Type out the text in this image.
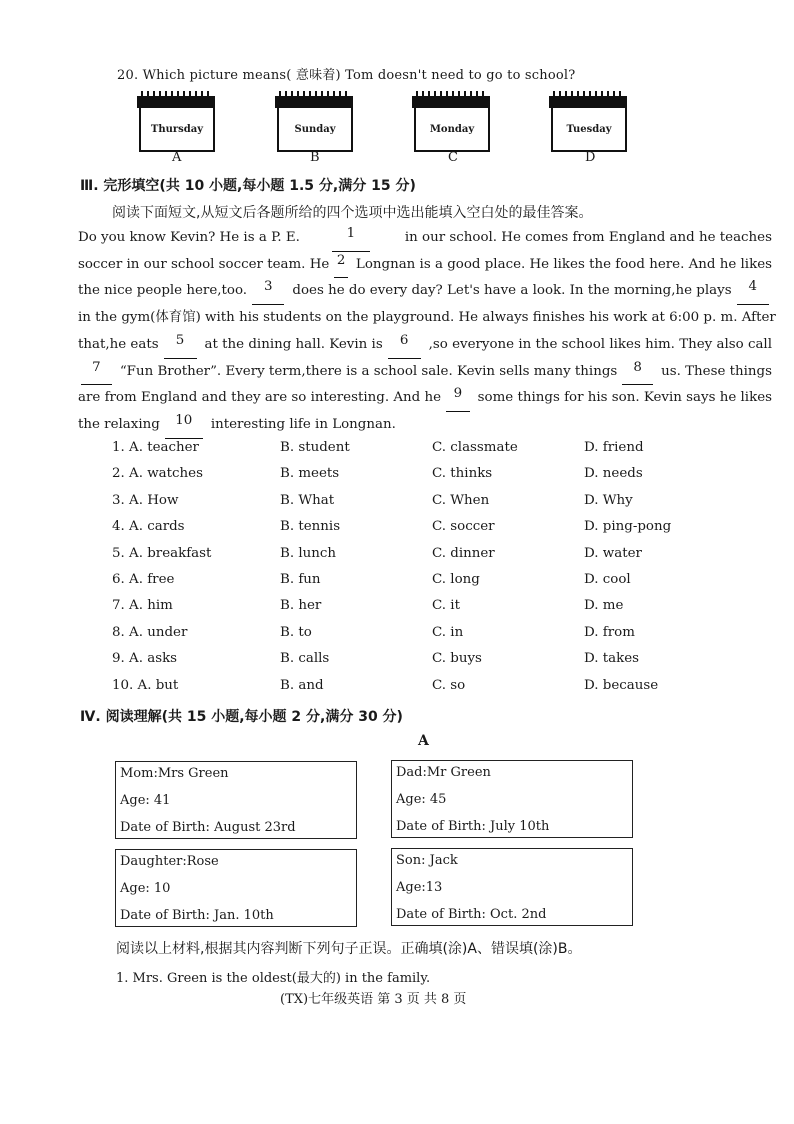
20. Which picture means( 意味着) Tom doesn't need to go to school?
Thursday
A
Sunday
B
Monday
C
Tuesday
D
Ⅲ. 完形填空(共 10 小题,每小题 1.5 分,满分 15 分)
阅读下面短文,从短文后各题所给的四个选项中选出能填入空白处的最佳答案。
Do you know Kevin? He is a P. E.	1	in our school. He comes from England and he teaches
soccer in our school soccer team. He 2 Longnan is a good place. He likes the food here. And he likes
the nice people here,too.	3	does he do every day? Let's have a look. In the morning,he plays	4
in the gym(体育馆) with his students on the playground. He always finishes his work at 6:00 p. m. After
that,he eats	5	at the dining hall. Kevin is	6	,so everyone in the school likes him. They also call
7	“Fun Brother”. Every term,there is a school sale. Kevin sells many things	8	us. These things
are from England and they are so interesting. And he 9	some things for his son. Kevin says he likes
the relaxing	10	interesting life in Longnan.
1. A. teacher	B. student	C. classmate	D. friend
2. A. watches	B. meets	C. thinks	D. needs
3. A. How	B. What	C. When	D. Why
4. A. cards	B. tennis	C. soccer	D. ping-pong
5. A. breakfast	B. lunch	C. dinner	D. water
6. A. free	B. fun	C. long	D. cool
7. A. him	B. her	C. it	D. me
8. A. under	B. to	C. in	D. from
9. A. asks	B. calls	C. buys	D. takes
10. A. but	B. and	C. so	D. because
Ⅳ. 阅读理解(共 15 小题,每小题 2 分,满分 30 分)
A
Mom:Mrs Green
Age: 41
Date of Birth: August 23rd
Dad:Mr Green
Age: 45
Date of Birth: July 10th
Daughter:Rose
Age: 10
Date of Birth: Jan. 10th
Son: Jack
Age:13
Date of Birth: Oct. 2nd
阅读以上材料,根据其内容判断下列句子正误。正确填(涂)A、错误填(涂)B。
1. Mrs. Green is the oldest(最大的) in the family.
(TX)七年级英语 第 3 页 共 8 页
